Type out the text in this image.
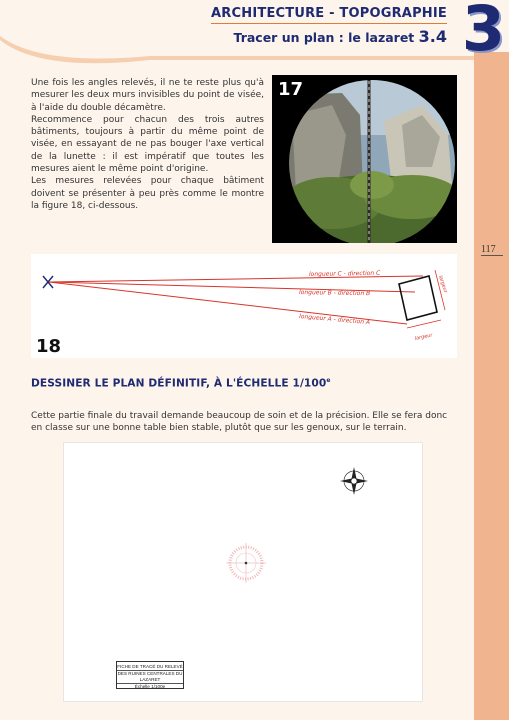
ARCHITECTURE - TOPOGRAPHIE
Tracer un plan : le lazaret 3.4 3
117

Une fois les angles relevés, il ne te reste plus qu'à mesurer les deux murs invisibles du point de visée, à l'aide du double décamètre.

Recommence pour chacun des trois autres bâtiments, toujours à partir du même point de visée, en essayant de ne pas bouger l'axe vertical de la lunette : il est impératif que toutes les mesures aient le même point d'origine.

Les mesures relevées pour chaque bâtiment doivent se présenter à peu près comme le montre la figure 18, ci-dessous.

17
longueur C - direction C
longueur B - direction B
longueur A - direction A
largeur
largeur
18
DESSINER LE PLAN DÉFINITIF, À L'ÉCHELLE 1/100e
Cette partie finale du travail demande beaucoup de soin et de la précision. Elle se fera donc en classe sur une bonne table bien stable, plutôt que sur les genoux, sur le terrain.
FICHE DE TRACÉ DU RELEVÉ
DES RUINES CENTRALES DU LAZARET
Échelle 1/100e
